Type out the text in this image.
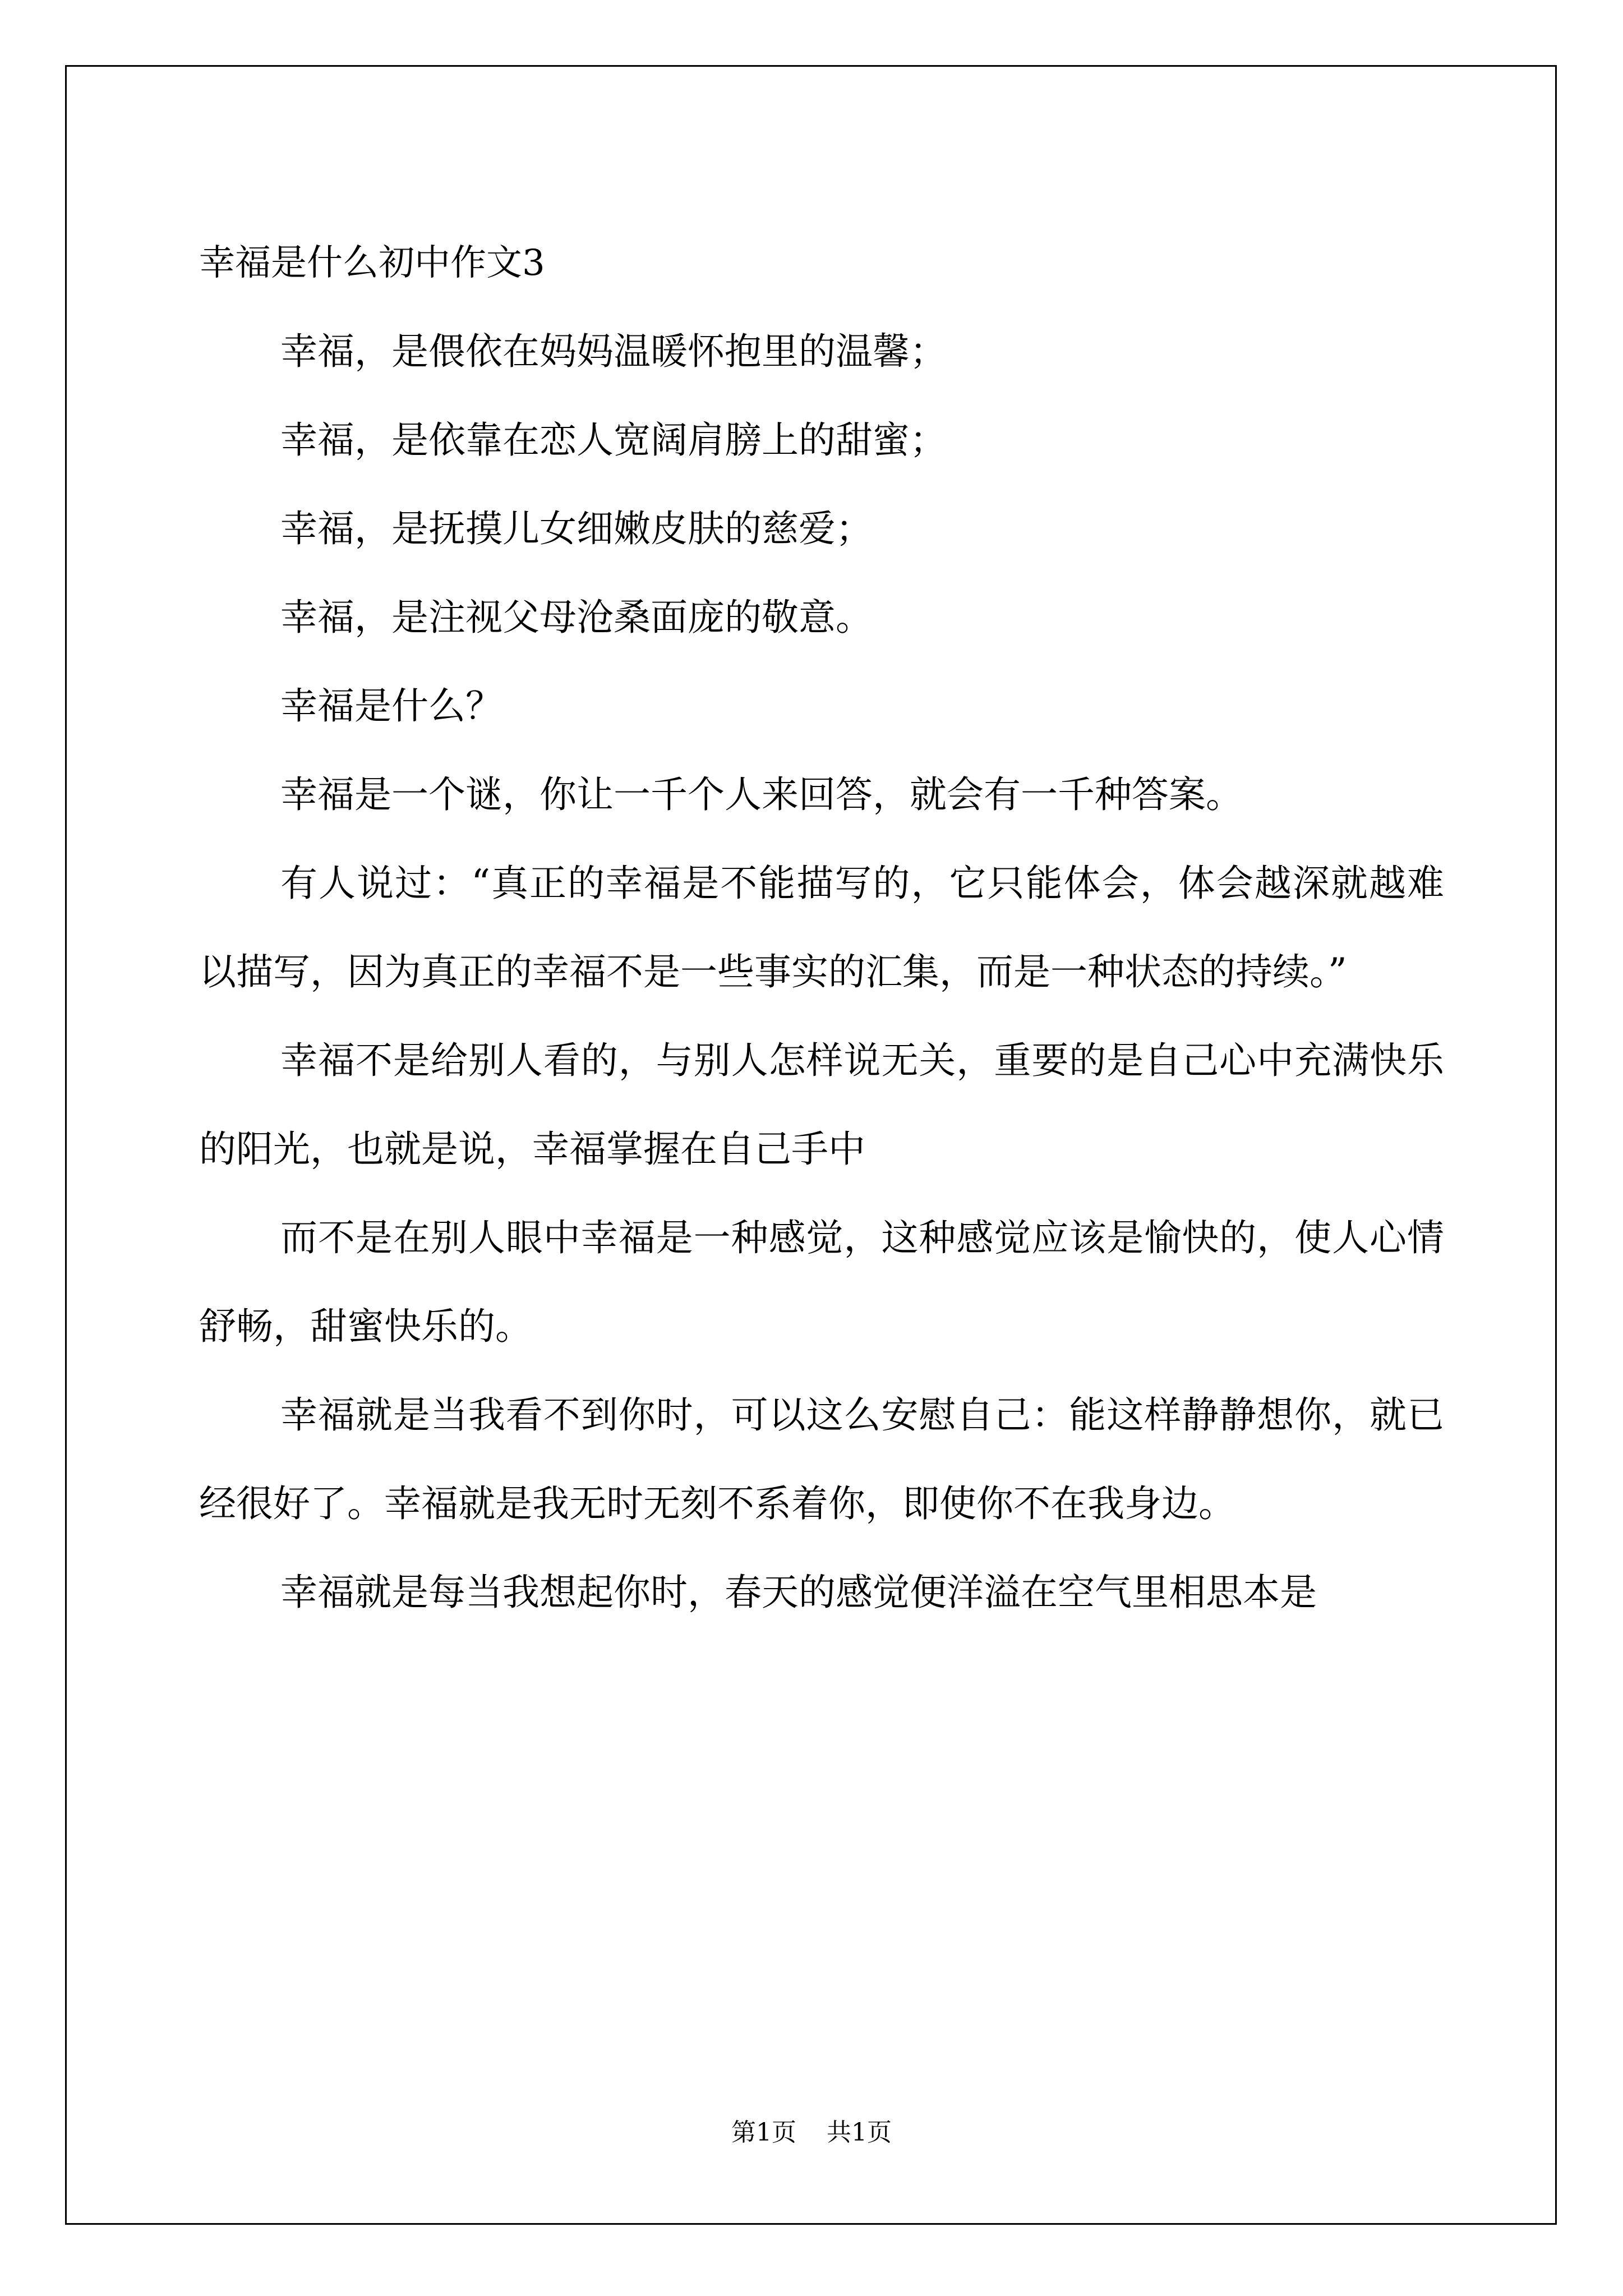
幸福是什么初中作文3

幸福，是偎依在妈妈温暖怀抱里的温馨；

幸福，是依靠在恋人宽阔肩膀上的甜蜜；

幸福，是抚摸儿女细嫩皮肤的慈爱；

幸福，是注视父母沧桑面庞的敬意。

幸福是什么？

幸福是一个谜，你让一千个人来回答，就会有一千种答案。

有人说过：“真正的幸福是不能描写的，它只能体会，体会越深就越难以描写，因为真正的幸福不是一些事实的汇集，而是一种状态的持续。”

幸福不是给别人看的，与别人怎样说无关，重要的是自己心中充满快乐的阳光，也就是说，幸福掌握在自己手中

而不是在别人眼中幸福是一种感觉，这种感觉应该是愉快的，使人心情舒畅，甜蜜快乐的。

幸福就是当我看不到你时，可以这么安慰自己：能这样静静想你，就已经很好了。幸福就是我无时无刻不系着你，即使你不在我身边。

幸福就是每当我想起你时，春天的感觉便洋溢在空气里相思本是

第1页 共1页
